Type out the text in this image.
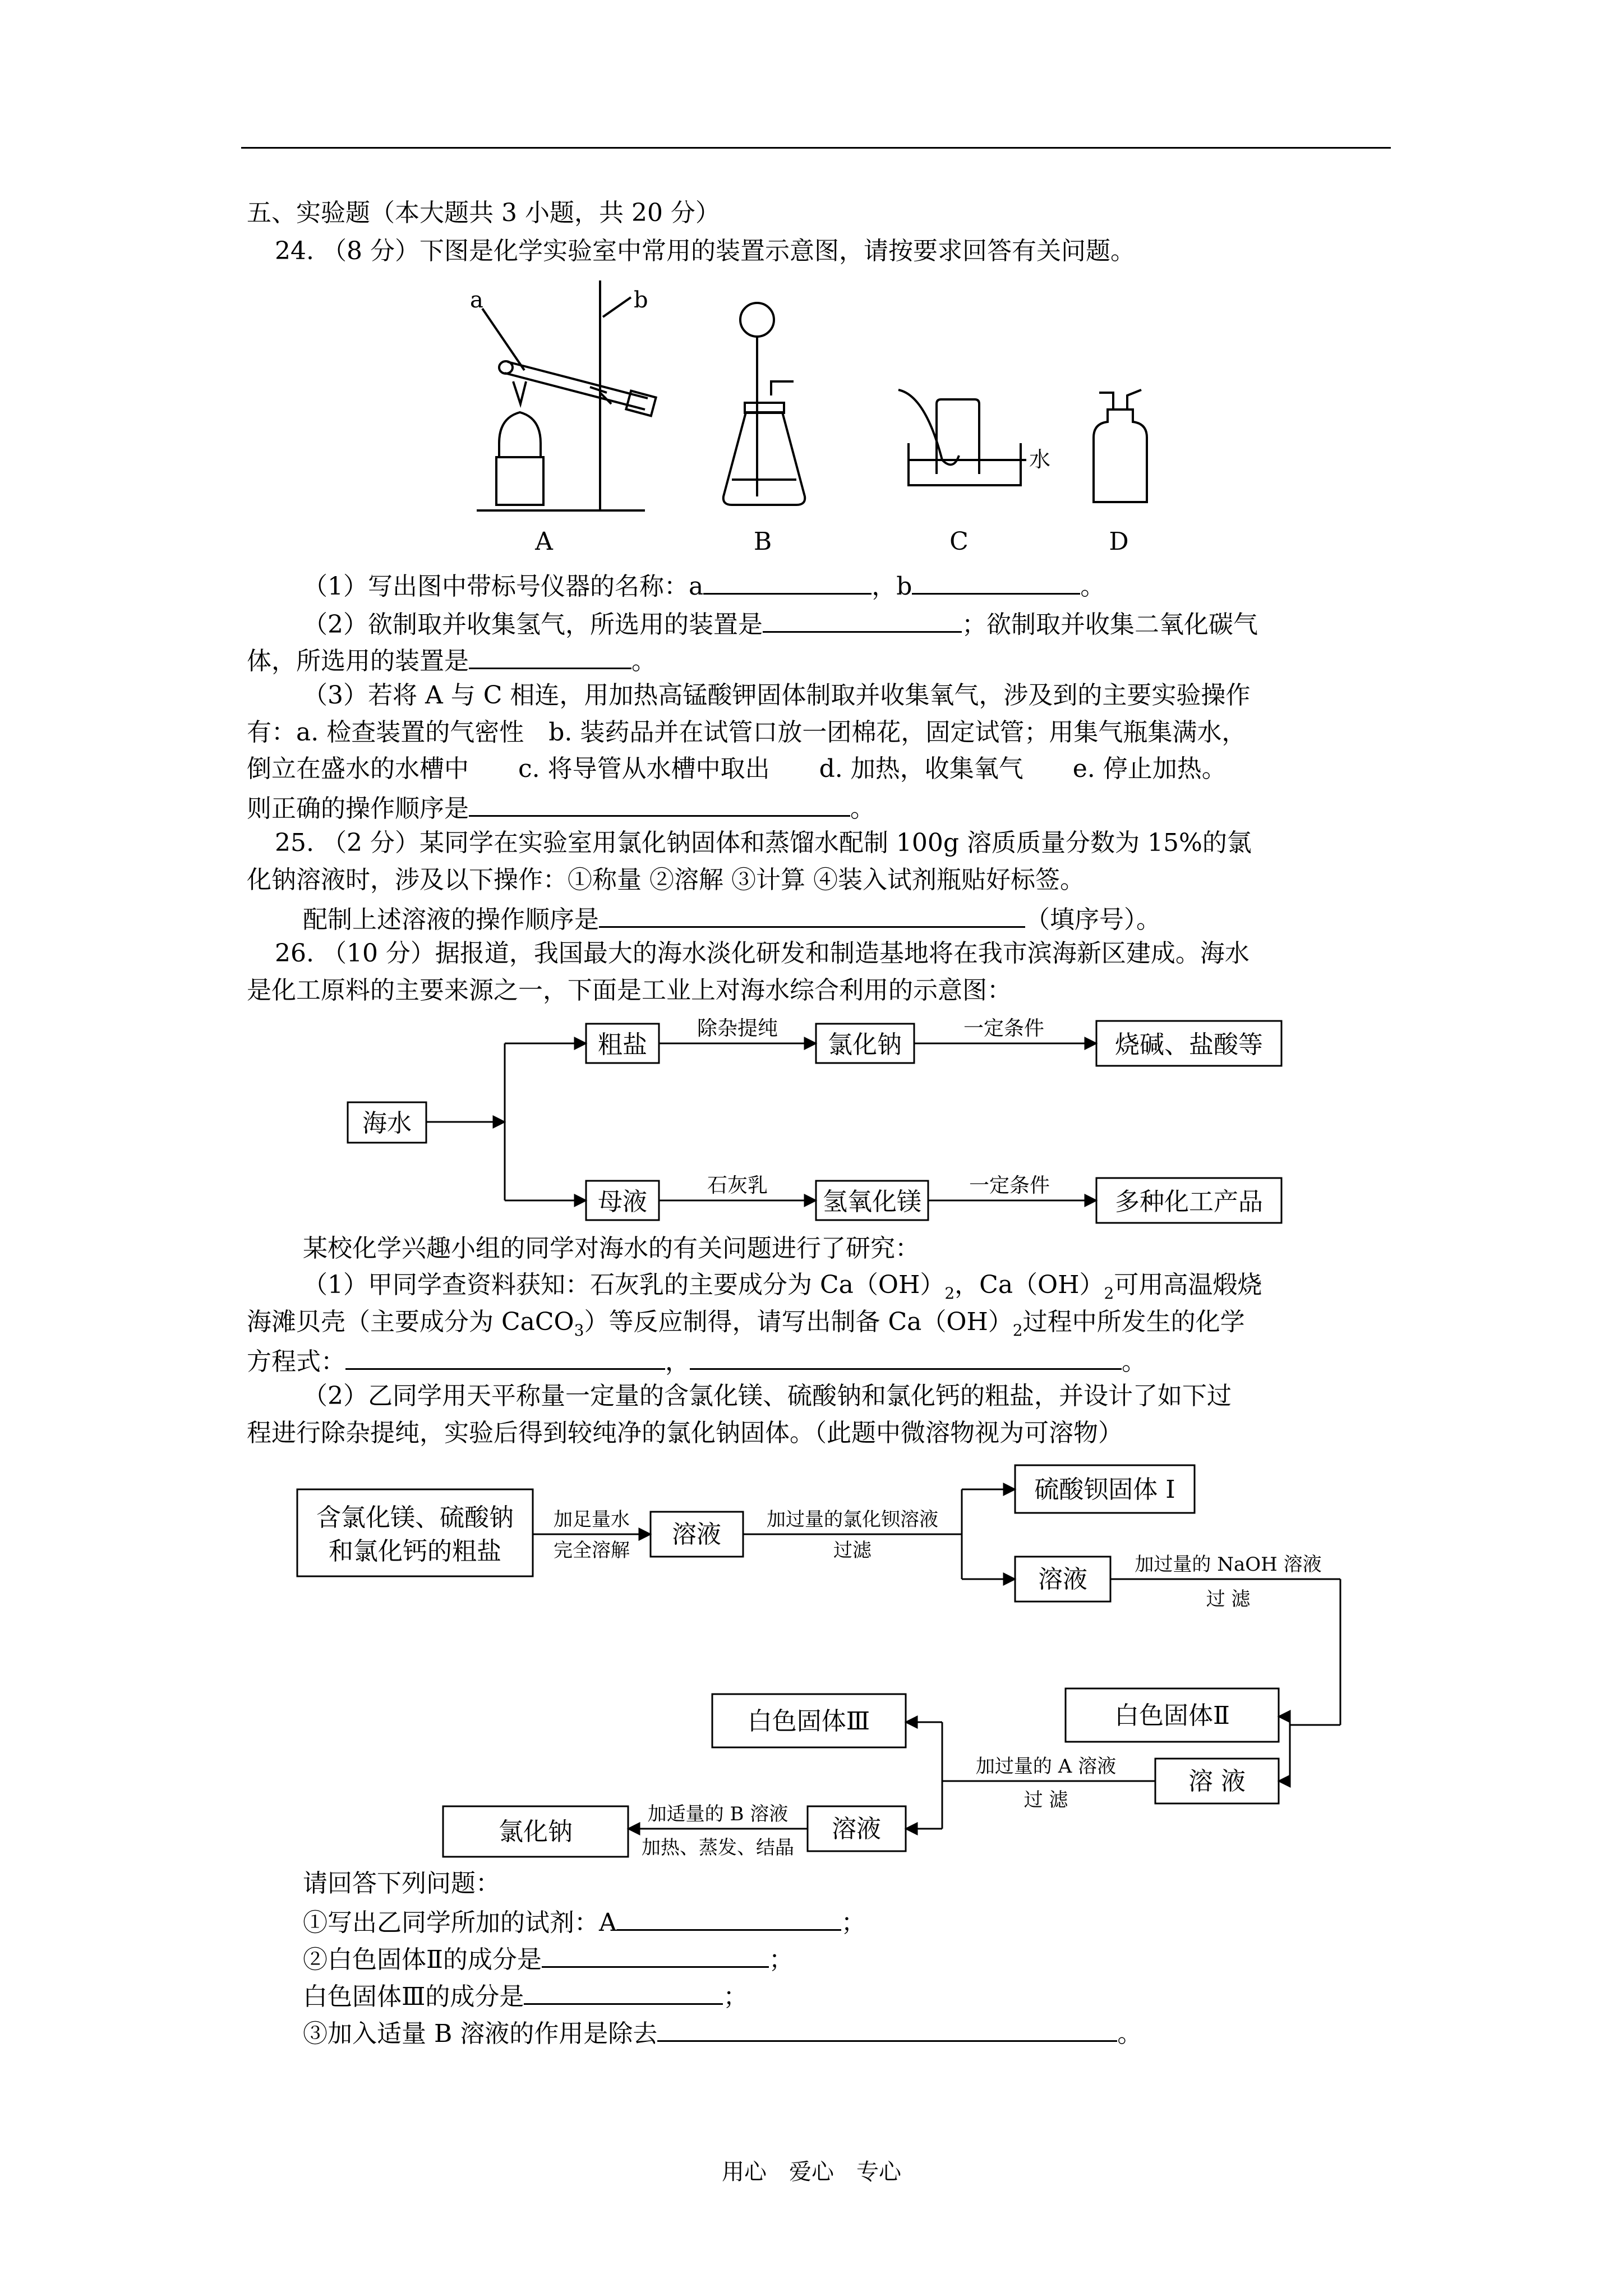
五、实验题（本大题共 3 小题，共 20 分）
24. （8 分）下图是化学实验室中常用的装置示意图，请按要求回答有关问题。
a	b
水
A	B	C	D
（1）写出图中带标号仪器的名称：a	，b	。
（2）欲制取并收集氢气，所选用的装置是	；欲制取并收集二氧化碳气
体，所选用的装置是	。
（3）若将 A 与 C 相连，用加热高锰酸钾固体制取并收集氧气，涉及到的主要实验操作
有：a. 检查装置的气密性　b. 装药品并在试管口放一团棉花，固定试管；用集气瓶集满水，
倒立在盛水的水槽中　　c. 将导管从水槽中取出　　d. 加热，收集氧气　　e. 停止加热。
则正确的操作顺序是	。
25. （2 分）某同学在实验室用氯化钠固体和蒸馏水配制 100g 溶质质量分数为 15%的氯
化钠溶液时，涉及以下操作：①称量 ②溶解 ③计算 ④装入试剂瓶贴好标签。
配制上述溶液的操作顺序是	（填序号）。
26. （10 分）据报道，我国最大的海水淡化研发和制造基地将在我市滨海新区建成。海水
是化工原料的主要来源之一，下面是工业上对海水综合利用的示意图：
海水
粗盐	氯化钠	烧碱、盐酸等
母液	氢氧化镁	多种化工产品
除杂提纯	一定条件
石灰乳	一定条件
某校化学兴趣小组的同学对海水的有关问题进行了研究：
（1）甲同学查资料获知：石灰乳的主要成分为 $Ca(OH)_2$，$Ca(OH)_2$可用高温煅烧
海滩贝壳（主要成分为 CaCO$_3$）等反应制得，请写出制备 $Ca(OH)_2$过程中所发生的化学
方程式：	，	。
（2）乙同学用天平称量一定量的含氯化镁、硫酸钠和氯化钙的粗盐，并设计了如下过
程进行除杂提纯，实验后得到较纯净的氯化钠固体。（此题中微溶物视为可溶物）
含氯化镁、硫酸钠
和氯化钙的粗盐
溶液
硫酸钡固体 I
溶液
白色固体Ⅱ
溶 液
白色固体Ⅲ
溶液
氯化钠
加足量水
完全溶解
加过量的氯化钡溶液
过滤
加过量的 NaOH 溶液
过 滤
加过量的 A 溶液
过 滤
加适量的 B 溶液
加热、蒸发、结晶
请回答下列问题：
①写出乙同学所加的试剂：A	；
②白色固体Ⅱ的成分是	；
白色固体Ⅲ的成分是	；
③加入适量 B 溶液的作用是除去	。
用心　爱心　专心
